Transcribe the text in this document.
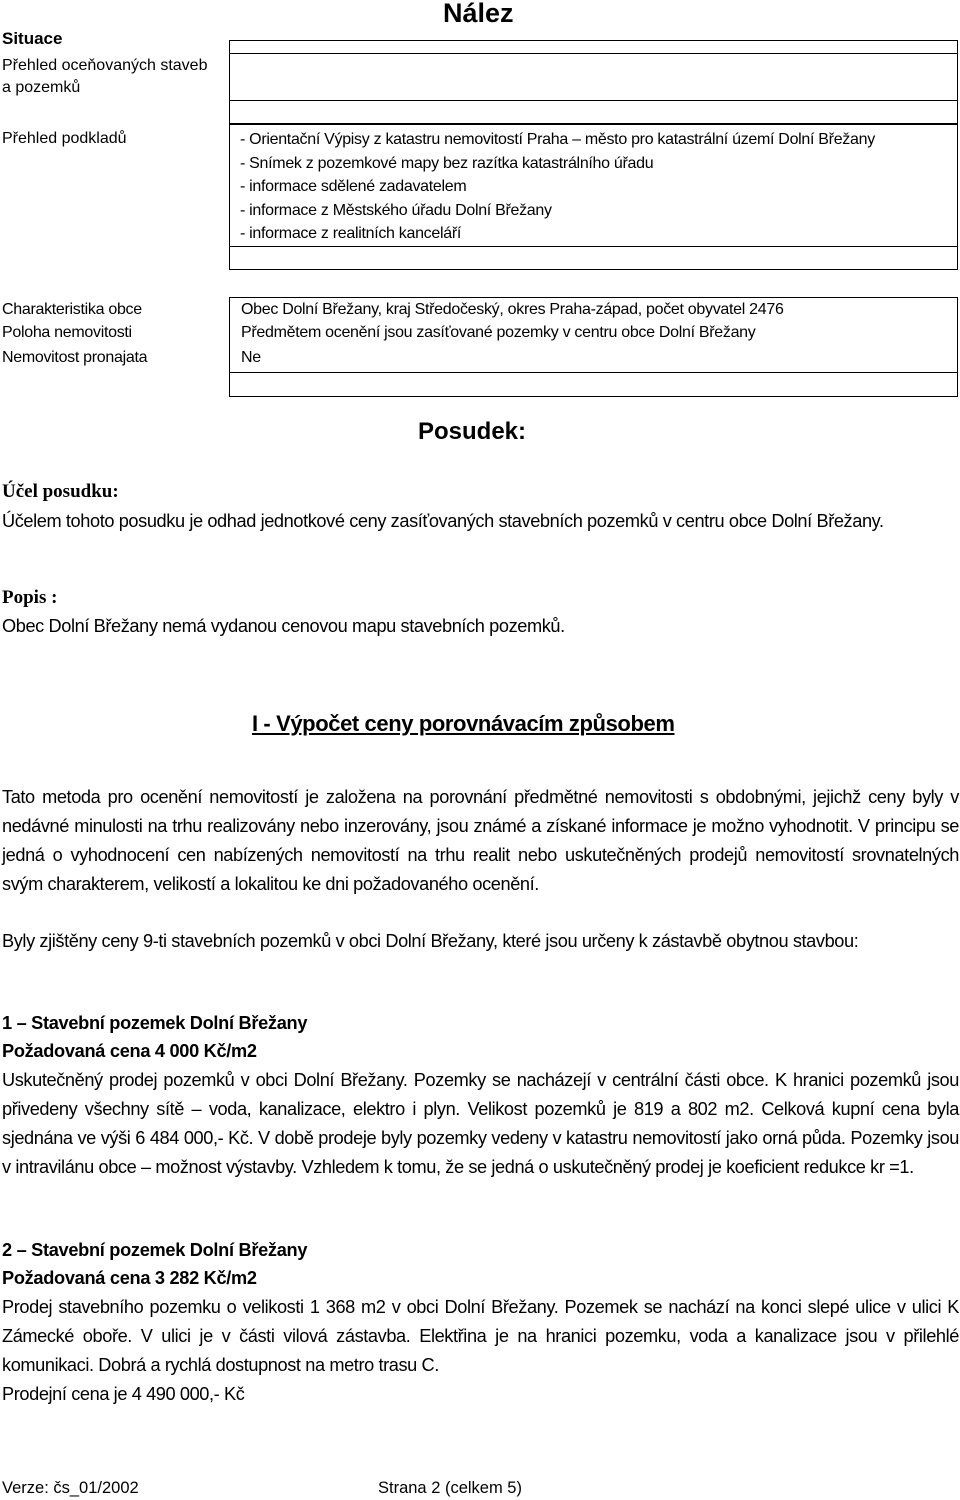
Nález
Situace
Přehled oceňovaných staveb
a pozemků
Přehled podkladů	- Orientační Výpisy z katastru nemovitostí Praha – město pro katastrální území Dolní Břežany
- Snímek z pozemkové mapy bez razítka katastrálního úřadu
- informace sdělené zadavatelem
- informace z Městského úřadu Dolní Břežany
- informace z realitních kanceláří
Charakteristika obce	Obec Dolní Břežany, kraj Středočeský, okres Praha-západ, počet obyvatel 2476
Poloha nemovitosti	Předmětem ocenění jsou zasíťované pozemky v centru obce Dolní Břežany
Nemovitost pronajata	Ne
Posudek:
Účel posudku:
Účelem tohoto posudku je odhad jednotkové ceny zasíťovaných stavebních pozemků v centru obce Dolní Břežany.
Popis :
Obec Dolní Břežany nemá vydanou cenovou mapu stavebních pozemků.
I - Výpočet ceny porovnávacím způsobem
Tato metoda pro ocenění nemovitostí je založena na porovnání předmětné nemovitosti s obdobnými, jejichž ceny byly v nedávné minulosti na trhu realizovány nebo inzerovány, jsou známé a získané informace je možno vyhodnotit. V principu se jedná o vyhodnocení cen nabízených nemovitostí na trhu realit nebo uskutečněných prodejů nemovitostí srovnatelných svým charakterem, velikostí a lokalitou ke dni požadovaného ocenění.
Byly zjištěny ceny 9-ti stavebních pozemků v obci Dolní Břežany, které jsou určeny k zástavbě obytnou stavbou:
1 – Stavební pozemek Dolní Břežany
Požadovaná cena 4 000 Kč/m2
Uskutečněný prodej pozemků v obci Dolní Břežany. Pozemky se nacházejí v centrální části obce. K hranici pozemků jsou přivedeny všechny sítě – voda, kanalizace, elektro i plyn. Velikost pozemků je 819 a 802 m2. Celková kupní cena byla sjednána ve výši 6 484 000,- Kč. V době prodeje byly pozemky vedeny v katastru nemovitostí jako orná půda. Pozemky jsou v intravilánu obce – možnost výstavby. Vzhledem k tomu, že se jedná o uskutečněný prodej je koeficient redukce kr =1.
2 – Stavební pozemek Dolní Břežany
Požadovaná cena 3 282 Kč/m2
Prodej stavebního pozemku o velikosti 1 368 m2 v obci Dolní Břežany. Pozemek se nachází na konci slepé ulice v ulici K Zámecké oboře. V ulici je v části vilová zástavba. Elektřina je na hranici pozemku, voda a kanalizace jsou v přilehlé komunikaci. Dobrá a rychlá dostupnost na metro trasu C.
Prodejní cena je 4 490 000,- Kč
Verze: čs_01/2002	Strana 2 (celkem 5)
